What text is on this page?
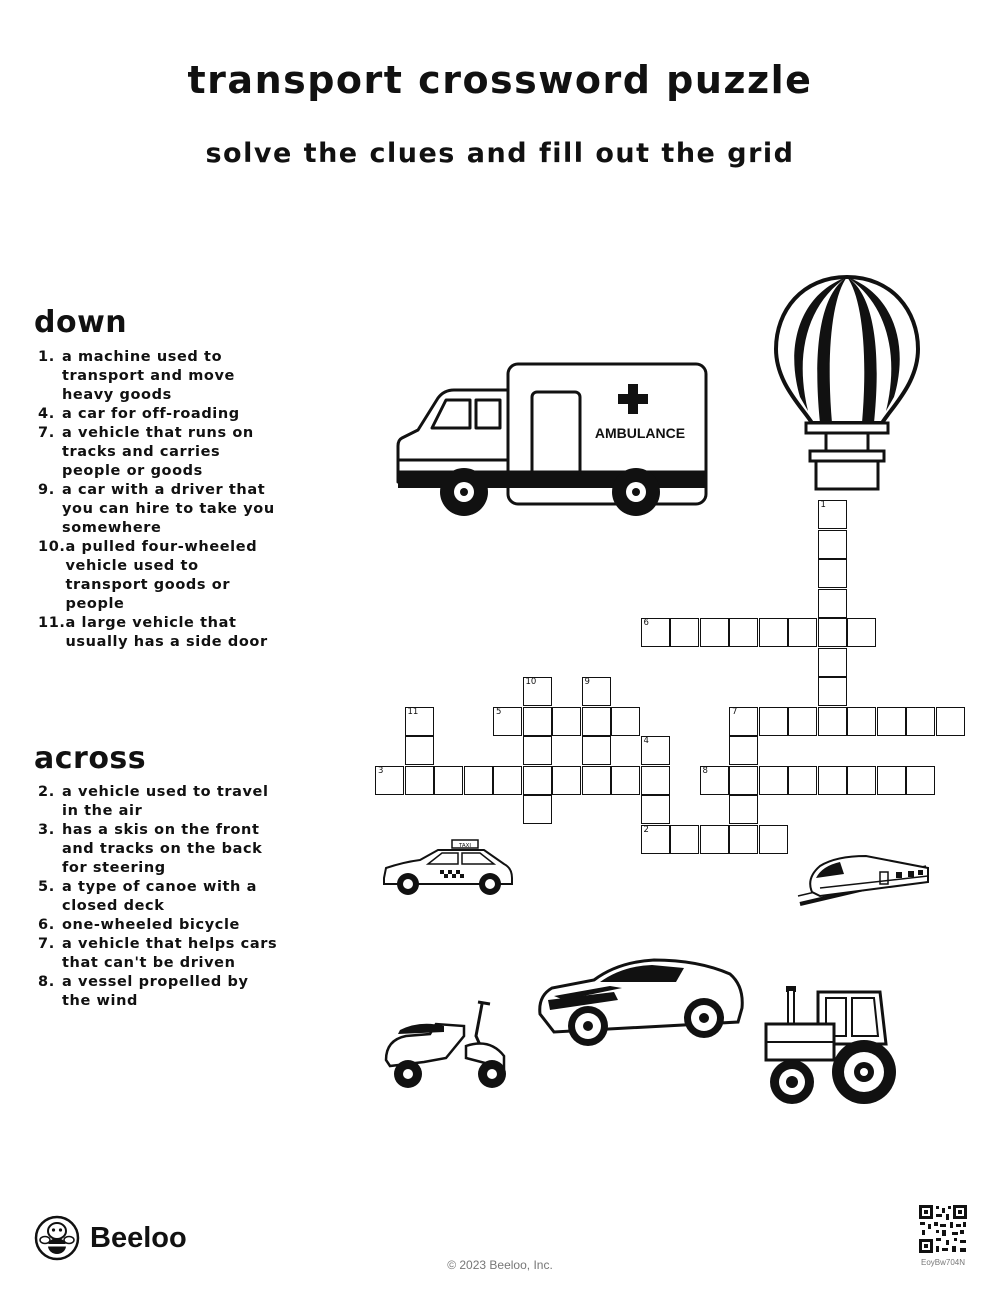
transport crossword puzzle
solve the clues and fill out the grid
down
1. a machine used to transport and move heavy goods
4. a car for off-roading
7. a vehicle that runs on tracks and carries people or goods
9. a car with a driver that you can hire to take you somewhere
10. a pulled four-wheeled vehicle used to transport goods or people
11. a large vehicle that usually has a side door
across
2. a vehicle used to travel in the air
3. has a skis on the front and tracks on the back for steering
5. a type of canoe with a closed deck
6. one-wheeled bicycle
7. a vehicle that helps cars that can't be driven
8. a vessel propelled by the wind
1
2
3
4
5
6
7
8
9
10
11
AMBULANCE
TAXI
Beeloo
© 2023 Beeloo, Inc.	EoyBw704N
